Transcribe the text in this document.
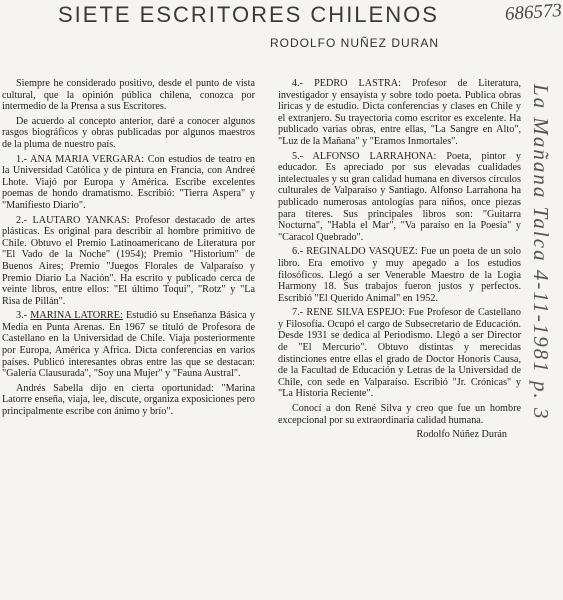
SIETE ESCRITORES CHILENOS
RODOLFO NUÑEZ DURAN
686573

Siempre he considerado positivo, desde el punto de vista cultural, que la opinión pública chilena, conozca por intermedio de la Prensa a sus Escritores.

De acuerdo al concepto anterior, daré a conocer algunos rasgos biográficos y obras publicadas por algunos maestros de la pluma de nuestro país.

1.- ANA MARIA VERGARA: Con estudios de teatro en la Universidad Católica y de pintura en Francia, con Andreé Lhote. Viajó por Europa y América. Escribe excelentes poemas de hondo dramatismo. Escribió: "Tierra Aspera" y "Manifiesto Diario".

2.- LAUTARO YANKAS: Profesor destacado de artes plásticas. Es original para describir al hombre primitivo de Chile. Obtuvo el Premio Latinoamericano de Literatura por "El Vado de la Noche" (1954); Premio "Historium" de Buenos Aires; Premio "Juegos Florales de Valparaíso y Premio Diario La Nación". Ha escrito y publicado cerca de veinte libros, entre ellos: "El último Toqui", "Rotz" y "La Risa de Pillán".

3.- MARINA LATORRE: Estudió su Enseñanza Básica y Media en Punta Arenas. En 1967 se tituló de Profesora de Castellano en la Universidad de Chile. Viaja posteriormente por Europa, América y Africa. Dicta conferencias en varios países. Publicó interesantes obras entre las que se destacan: "Galería Clausurada", "Soy una Mujer" y "Fauna Austral".

Andrés Sabella dijo en cierta oportunidad: "Marina Latorre enseña, viaja, lee, discute, organiza exposiciones pero principalmente escribe con ánimo y brío".

4.- PEDRO LASTRA: Profesor de Literatura, investigador y ensayista y sobre todo poeta. Publica obras líricas y de estudio. Dicta conferencias y clases en Chile y el extranjero. Su trayectoria como escritor es excelente. Ha publicado varias obras, entre ellas, "La Sangre en Alto", "Luz de la Mañana" y "Eramos Inmortales".

5.- ALFONSO LARRAHONA: Poeta, pintor y educador. Es apreciado por sus elevadas cualidades intelectuales y su gran calidad humana en diversos círculos culturales de Valparaíso y Santiago. Alfonso Larrahona ha publicado numerosas antologías para niños, once piezas para títeres. Sus principales libros son: "Guitarra Nocturna", "Habla el Mar", "Va paraíso en la Poesía" y "Caracol Quebrado".

6.- REGINALDO VASQUEZ: Fue un poeta de un solo libro. Era emotivo y muy apegado a los estudios filosóficos. Llegó a ser Venerable Maestro de la Logia Harmony 18. Sus trabajos fueron justos y perfectos. Escribió "El Querido Animal" en 1952.

7.- RENE SILVA ESPEJO: Fue Profesor de Castellano y Filosofía. Ocupó el cargo de Subsecretario de Educación. Desde 1931 se dedica al Periodismo. Llegó a ser Director de "El Mercurio". Obtuvo distintas y merecidas distinciones entre ellas el grado de Doctor Honoris Causa, de la Facultad de Educación y Letras de la Universidad de Chile, con sede en Valparaíso. Escribió "Jr. Crónicas" y "La Historia Reciente".

Conocí a don René Silva y creo que fue un hombre excepcional por su extraordinaria calidad humana.

Rodolfo Núñez Durán

La Mañana Talca 4-11-1981 p. 3
